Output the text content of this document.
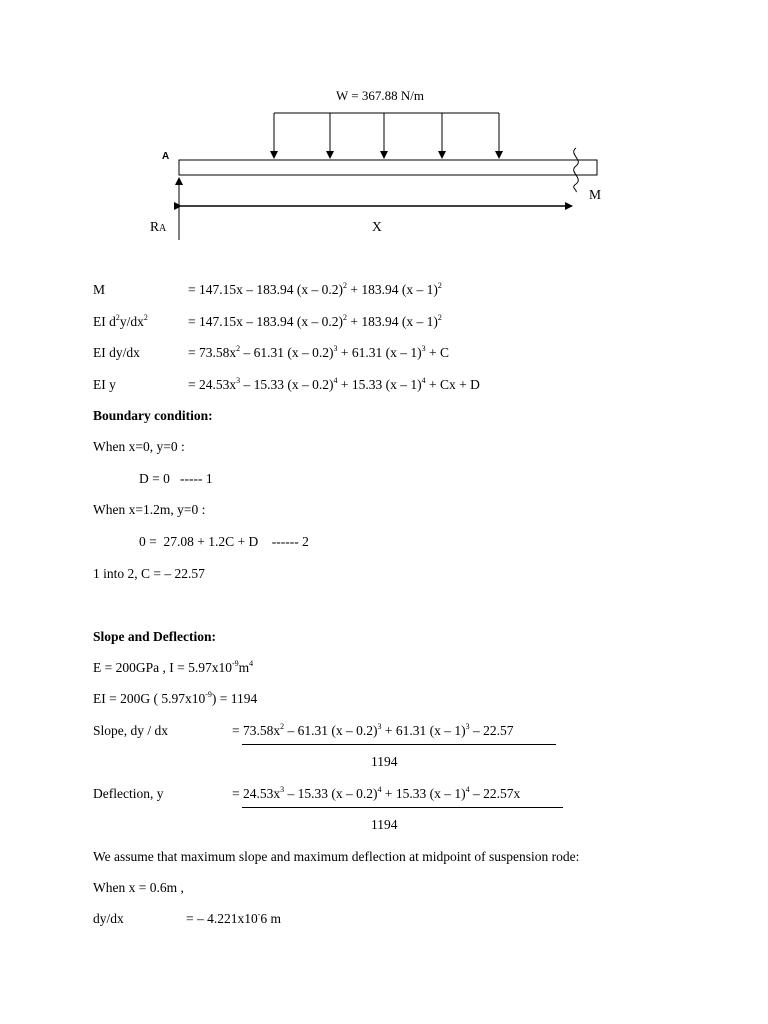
W = 367.88 N/m
A
RA	X
M
M	= 147.15x – 183.94 (x – 0.2)$^2$ + 183.94 (x – 1)$^2$
EI $d^2y/dx^2$	= 147.15x – 183.94 (x – 0.2)$^2$ + 183.94 (x – 1)$^2$
EI dy/dx	= $73.58x^2 - 61.31$ (x – 0.2)$^3$ + 61.31 (x – 1)$^3$ + C
EI y	= $24.53x^3 - 15.33$ (x – 0.2)$^4$ + 15.33 (x – 1)$^4$ + Cx + D
Boundary condition:
When x=0, y=0 :
D = 0   ----- 1
When x=1.2m, y=0 :
0 =  27.08 + 1.2C + D    ------ 2
1 into 2, C = – 22.57
Slope and Deflection:
E = 200GPa , $I = 5.97x10^{-9}m^4$
EI = 200G ( $5.97x10^{-9}) = 1194$
Slope, dy / dx	= $73.58x^2 - 61.31$ (x – 0.2)$^3$ + 61.31 (x – 1)$^3$ – 22.57
1194
Deflection, y	= $24.53x^3 - 15.33$ (x – 0.2)$^4$ + 15.33 (x – 1)$^4$ – 22.57x
1194
We assume that maximum slope and maximum deflection at midpoint of suspension rode:
When x = 0.6m ,
dy/dx	= – 4.221x10-6 m
